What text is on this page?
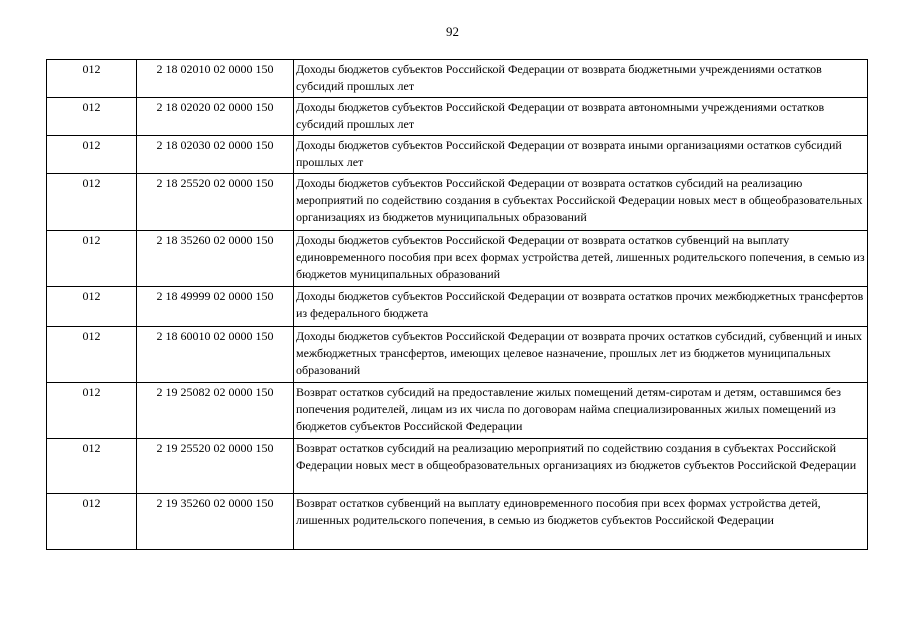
92
012	2 18 02010 02 0000 150	Доходы бюджетов субъектов Российской Федерации от возврата бюджетными учреждениями остатков субсидий прошлых лет
012	2 18 02020 02 0000 150	Доходы бюджетов субъектов Российской Федерации от возврата автономными учреждениями остатков субсидий прошлых лет
012	2 18 02030 02 0000 150	Доходы бюджетов субъектов Российской Федерации от возврата иными организациями остатков субсидий прошлых лет
012	2 18 25520 02 0000 150	Доходы бюджетов субъектов Российской Федерации от возврата остатков субсидий на реализацию мероприятий по содействию создания в субъектах Российской Федерации новых мест в общеобразовательных организациях из бюджетов муниципальных образований
012	2 18 35260 02 0000 150	Доходы бюджетов субъектов Российской Федерации от возврата остатков субвенций на выплату единовременного пособия при всех формах устройства детей, лишенных родительского попечения, в семью из бюджетов муниципальных образований
012	2 18 49999 02 0000 150	Доходы бюджетов субъектов Российской Федерации от возврата остатков прочих межбюджетных трансфертов из федерального бюджета
012	2 18 60010 02 0000 150	Доходы бюджетов субъектов Российской Федерации от возврата прочих остатков субсидий, субвенций и иных межбюджетных трансфертов, имеющих целевое назначение, прошлых лет из бюджетов муниципальных образований
012	2 19 25082 02 0000 150	Возврат остатков субсидий на предоставление жилых помещений детям-сиротам и детям, оставшимся без попечения родителей, лицам из их числа по договорам найма специализированных жилых помещений из бюджетов субъектов Российской Федерации
012	2 19 25520 02 0000 150	Возврат остатков субсидий на реализацию мероприятий по содействию создания в субъектах Российской Федерации новых мест в общеобразовательных организациях из бюджетов субъектов Российской Федерации
012	2 19 35260 02 0000 150	Возврат остатков субвенций на выплату единовременного пособия при всех формах устройства детей, лишенных родительского попечения, в семью из бюджетов субъектов Российской Федерации
